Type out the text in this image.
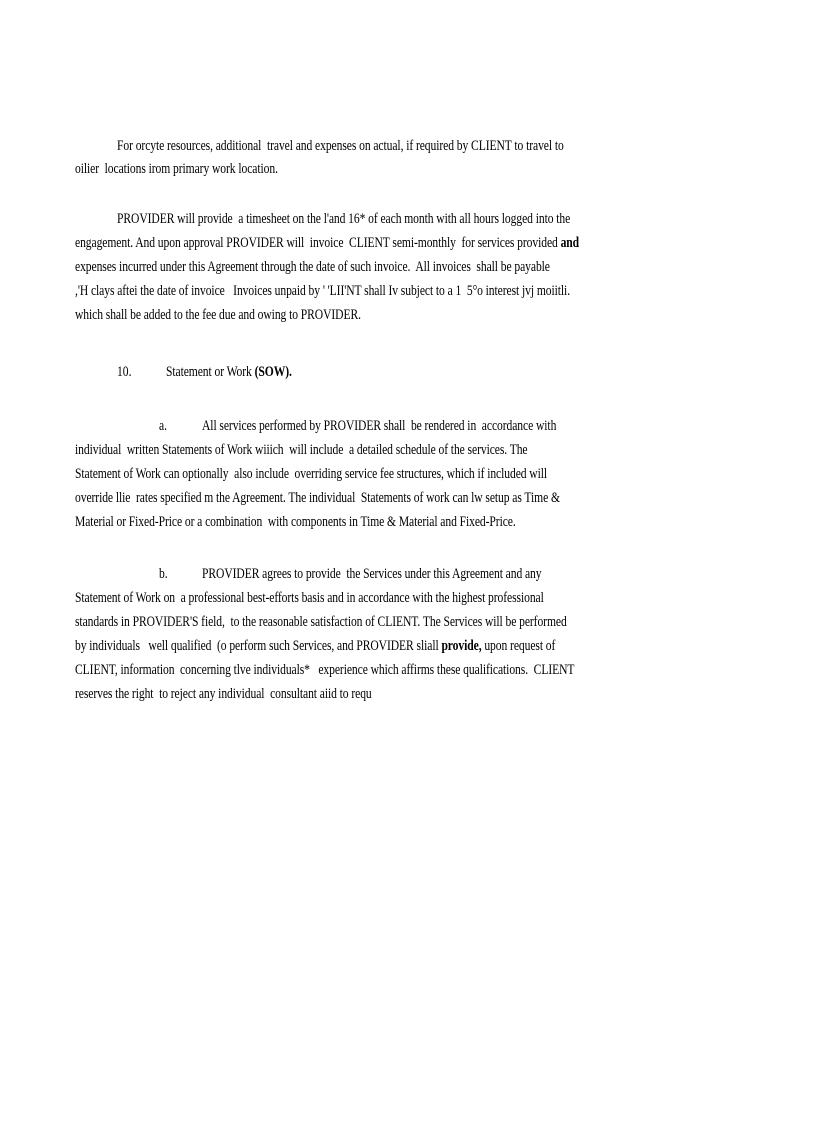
For orcyte resources, additional  travel and expenses on actual, if required by CLIENT to travel to
oilier  locations irom primary work location.
PROVIDER will provide  a timesheet on the l'and 16* of each month with all hours logged into the
engagement. And upon approval PROVIDER will  invoice  CLIENT semi-monthly  for services provided and
expenses incurred under this Agreement through the date of such invoice.  All invoices  shall be payable
,'H clays aftei the date of invoice   Invoices unpaid by ' 'LII'NT shall Iv subject to a 1  5°o interest jvj moiitli.
which shall be added to the fee due and owing to PROVIDER.
10. Statement or Work (SOW).
a. All services performed by PROVIDER shall  be rendered in  accordance with
individual  written Statements of Work wiiich  will include  a detailed schedule of the services. The
Statement of Work can optionally  also include  overriding service fee structures, which if included will
override llie  rates specified m the Agreement. The individual  Statements of work can lw setup as Time &
Material or Fixed-Price or a combination  with components in Time & Material and Fixed-Price.
b. PROVIDER agrees to provide  the Services under this Agreement and any
Statement of Work on  a professional best-efforts basis and in accordance with the highest professional
standards in PROVIDER'S field,  to the reasonable satisfaction of CLIENT. The Services will be performed
by individuals   well qualified  (o perform such Services, and PROVIDER sliall provide, upon request of
CLIENT, information  concerning tlve individuals*   experience which affirms these qualifications.  CLIENT
reserves the right  to reject any individual  consultant aiid to requ
